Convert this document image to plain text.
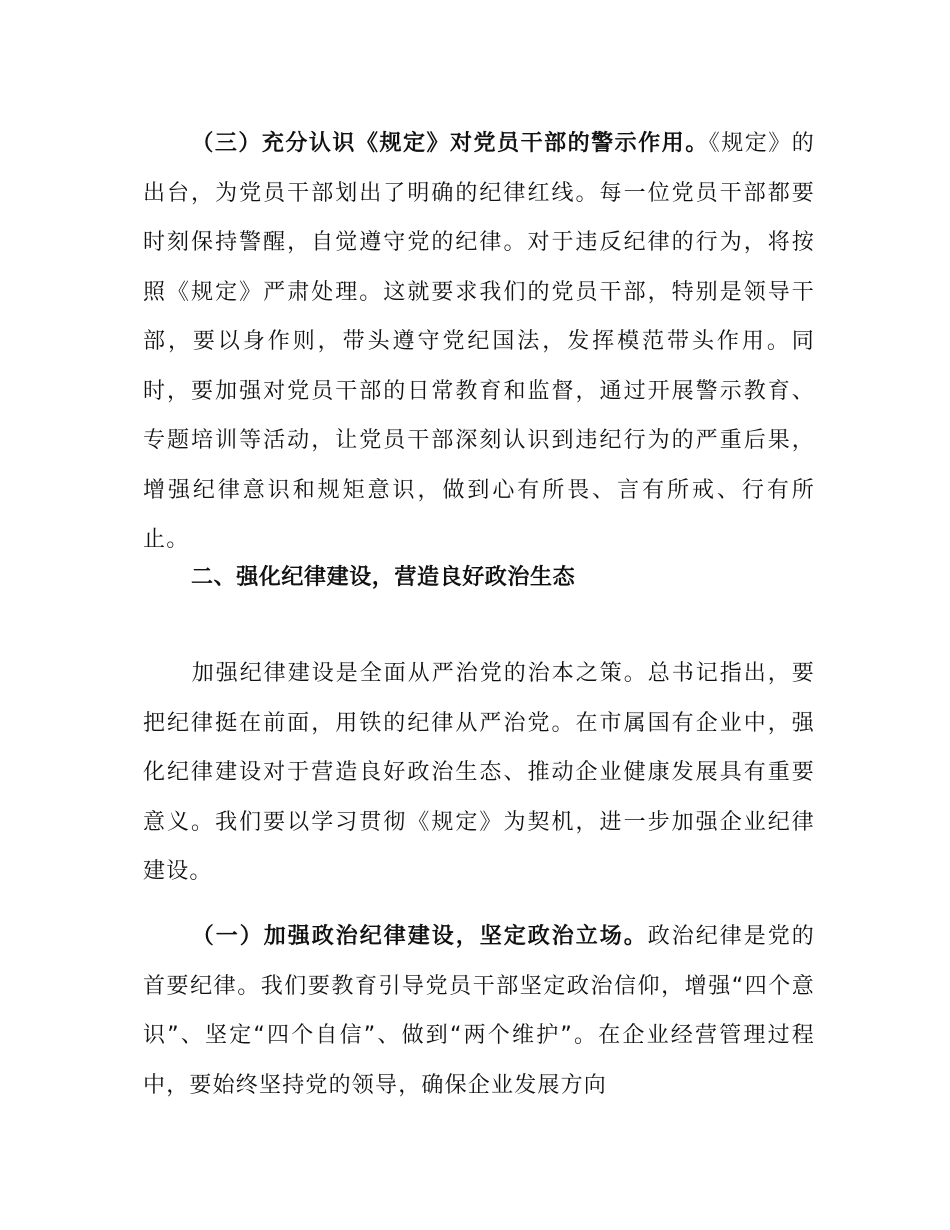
（三）充分认识《规定》对党员干部的警示作用。《规定》的出台，为党员干部划出了明确的纪律红线。每一位党员干部都要时刻保持警醒，自觉遵守党的纪律。对于违反纪律的行为，将按照《规定》严肃处理。这就要求我们的党员干部，特别是领导干部，要以身作则，带头遵守党纪国法，发挥模范带头作用。同时，要加强对党员干部的日常教育和监督，通过开展警示教育、专题培训等活动，让党员干部深刻认识到违纪行为的严重后果，增强纪律意识和规矩意识，做到心有所畏、言有所戒、行有所止。

二、强化纪律建设，营造良好政治生态

加强纪律建设是全面从严治党的治本之策。总书记指出，要把纪律挺在前面，用铁的纪律从严治党。在市属国有企业中，强化纪律建设对于营造良好政治生态、推动企业健康发展具有重要意义。我们要以学习贯彻《规定》为契机，进一步加强企业纪律建设。

（一）加强政治纪律建设，坚定政治立场。政治纪律是党的首要纪律。我们要教育引导党员干部坚定政治信仰，增强“四个意识”、坚定“四个自信”、做到“两个维护”。在企业经营管理过程中，要始终坚持党的领导，确保企业发展方向
